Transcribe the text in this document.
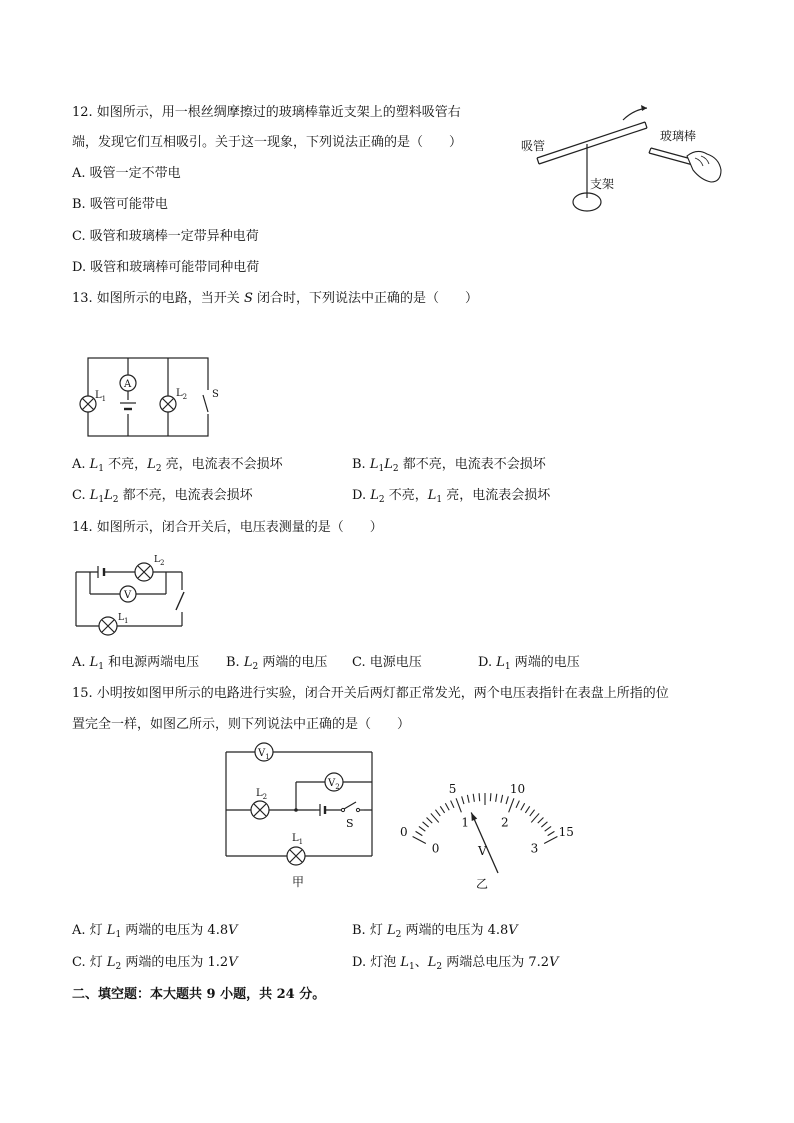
12. 如图所示，用一根丝绸摩擦过的玻璃棒靠近支架上的塑料吸管右
端，发现它们互相吸引。关于这一现象，下列说法正确的是（　　）
A. 吸管一定不带电
B. 吸管可能带电
C. 吸管和玻璃棒一定带异种电荷
D. 吸管和玻璃棒可能带同种电荷
吸管
玻璃棒
支架
13. 如图所示的电路，当开关 S 闭合时，下列说法中正确的是（　　）
$L_1$
A
$L_2$ S
A. $L_1$ 不亮，$L_2$ 亮，电流表不会损坏	B. $L_1L_2$ 都不亮，电流表不会损坏
C. $L_1L_2$ 都不亮，电流表会损坏	D. $L_2$ 不亮，$L_1$ 亮，电流表会损坏
14. 如图所示，闭合开关后，电压表测量的是（　　）
$L_2$
V
$L_1$
A. $L_1$ 和电源两端电压 B. $L_2$ 两端的电压 C. 电源电压	D. $L_1$ 两端的电压
15. 小明按如图甲所示的电路进行实验，闭合开关后两灯都正常发光，两个电压表指针在表盘上所指的位
置完全一样，如图乙所示，则下列说法中正确的是（　　）
$V_1$
$V_2$
$L_2$
S
$L_1$
甲
0
5	10
15
0
1	2
3
V
乙
A. 灯 $L_1$ 两端的电压为 4.8V	B. 灯 $L_2$ 两端的电压为 4.8V
C. 灯 $L_2$ 两端的电压为 1.2V	D. 灯泡 $L_1$、$L_2$ 两端总电压为 7.2V
二、填空题：本大题共 9 小题，共 24 分。
